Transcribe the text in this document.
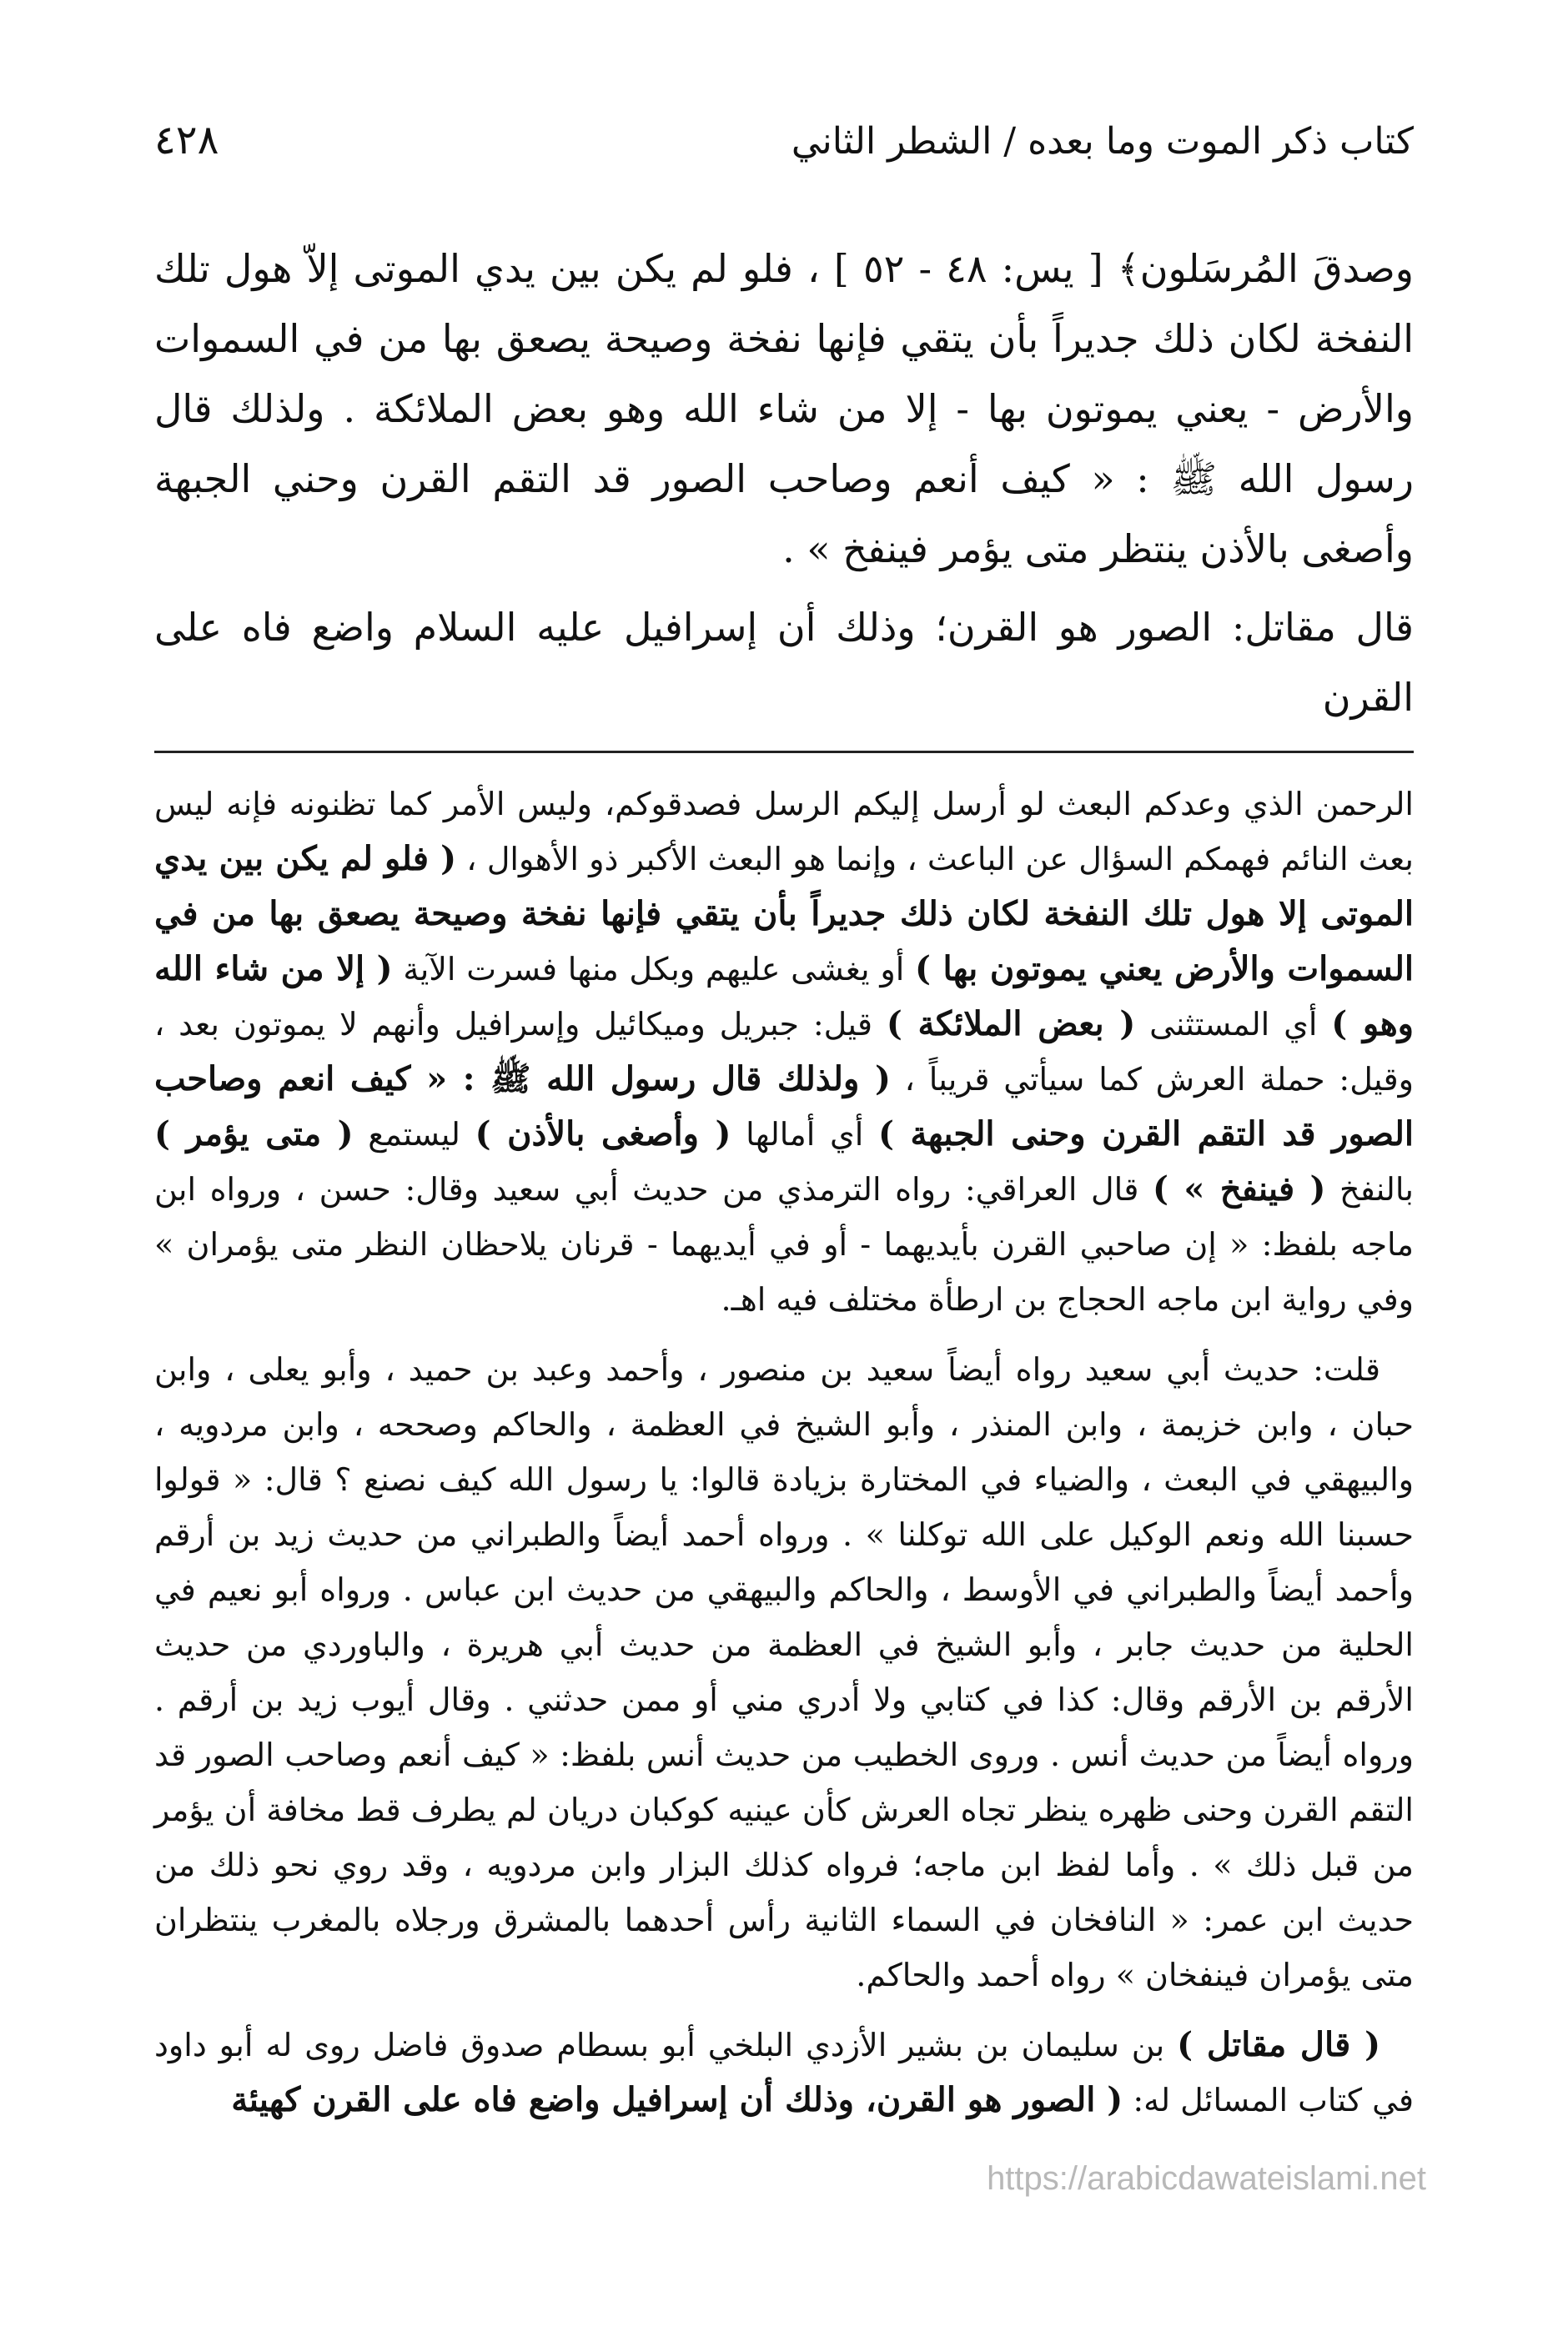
٤٢٨	كتاب ذكر الموت وما بعده / الشطر الثاني

وصدقَ المُرسَلون﴾ [ يس: ٤٨ - ٥٢ ] ، فلو لم يكن بين يدي الموتى إلاّ هول تلك النفخة لكان ذلك جديراً بأن يتقي فإنها نفخة وصيحة يصعق بها من في السموات والأرض - يعني يموتون بها - إلا من شاء الله وهو بعض الملائكة . ولذلك قال رسول الله ﷺ : « كيف أنعم وصاحب الصور قد التقم القرن وحني الجبهة وأصغى بالأذن ينتظر متى يؤمر فينفخ » .

قال مقاتل: الصور هو القرن؛ وذلك أن إسرافيل عليه السلام واضع فاه على القرن

الرحمن الذي وعدكم البعث لو أرسل إليكم الرسل فصدقوكم، وليس الأمر كما تظنونه فإنه ليس بعث النائم فهمكم السؤال عن الباعث ، وإنما هو البعث الأكبر ذو الأهوال ، ( فلو لم يكن بين يدي الموتى إلا هول تلك النفخة لكان ذلك جديراً بأن يتقي فإنها نفخة وصيحة يصعق بها من في السموات والأرض يعني يموتون بها ) أو يغشى عليهم وبكل منها فسرت الآية ( إلا من شاء الله وهو ) أي المستثنى ( بعض الملائكة ) قيل: جبريل وميكائيل وإسرافيل وأنهم لا يموتون بعد ، وقيل: حملة العرش كما سيأتي قريباً ، ( ولذلك قال رسول الله ﷺ : « كيف انعم وصاحب الصور قد التقم القرن وحنى الجبهة ) أي أمالها ( وأصغى بالأذن ) ليستمع ( متى يؤمر ) بالنفخ ( فينفخ » ) قال العراقي: رواه الترمذي من حديث أبي سعيد وقال: حسن ، ورواه ابن ماجه بلفظ: « إن صاحبي القرن بأيديهما - أو في أيديهما - قرنان يلاحظان النظر متى يؤمران » وفي رواية ابن ماجه الحجاج بن ارطأة مختلف فيه اهـ.

قلت: حديث أبي سعيد رواه أيضاً سعيد بن منصور ، وأحمد وعبد بن حميد ، وأبو يعلى ، وابن حبان ، وابن خزيمة ، وابن المنذر ، وأبو الشيخ في العظمة ، والحاكم وصححه ، وابن مردويه ، والبيهقي في البعث ، والضياء في المختارة بزيادة قالوا: يا رسول الله كيف نصنع ؟ قال: « قولوا حسبنا الله ونعم الوكيل على الله توكلنا » . ورواه أحمد أيضاً والطبراني من حديث زيد بن أرقم وأحمد أيضاً والطبراني في الأوسط ، والحاكم والبيهقي من حديث ابن عباس . ورواه أبو نعيم في الحلية من حديث جابر ، وأبو الشيخ في العظمة من حديث أبي هريرة ، والباوردي من حديث الأرقم بن الأرقم وقال: كذا في كتابي ولا أدري مني أو ممن حدثني . وقال أيوب زيد بن أرقم . ورواه أيضاً من حديث أنس . وروى الخطيب من حديث أنس بلفظ: « كيف أنعم وصاحب الصور قد التقم القرن وحنى ظهره ينظر تجاه العرش كأن عينيه كوكبان دريان لم يطرف قط مخافة أن يؤمر من قبل ذلك » . وأما لفظ ابن ماجه؛ فرواه كذلك البزار وابن مردويه ، وقد روي نحو ذلك من حديث ابن عمر: « النافخان في السماء الثانية رأس أحدهما بالمشرق ورجلاه بالمغرب ينتظران متى يؤمران فينفخان » رواه أحمد والحاكم.

( قال مقاتل ) بن سليمان بن بشير الأزدي البلخي أبو بسطام صدوق فاضل روى له أبو داود في كتاب المسائل له: ( الصور هو القرن، وذلك أن إسرافيل واضع فاه على القرن كهيئة

https://arabicdawateislami.net
